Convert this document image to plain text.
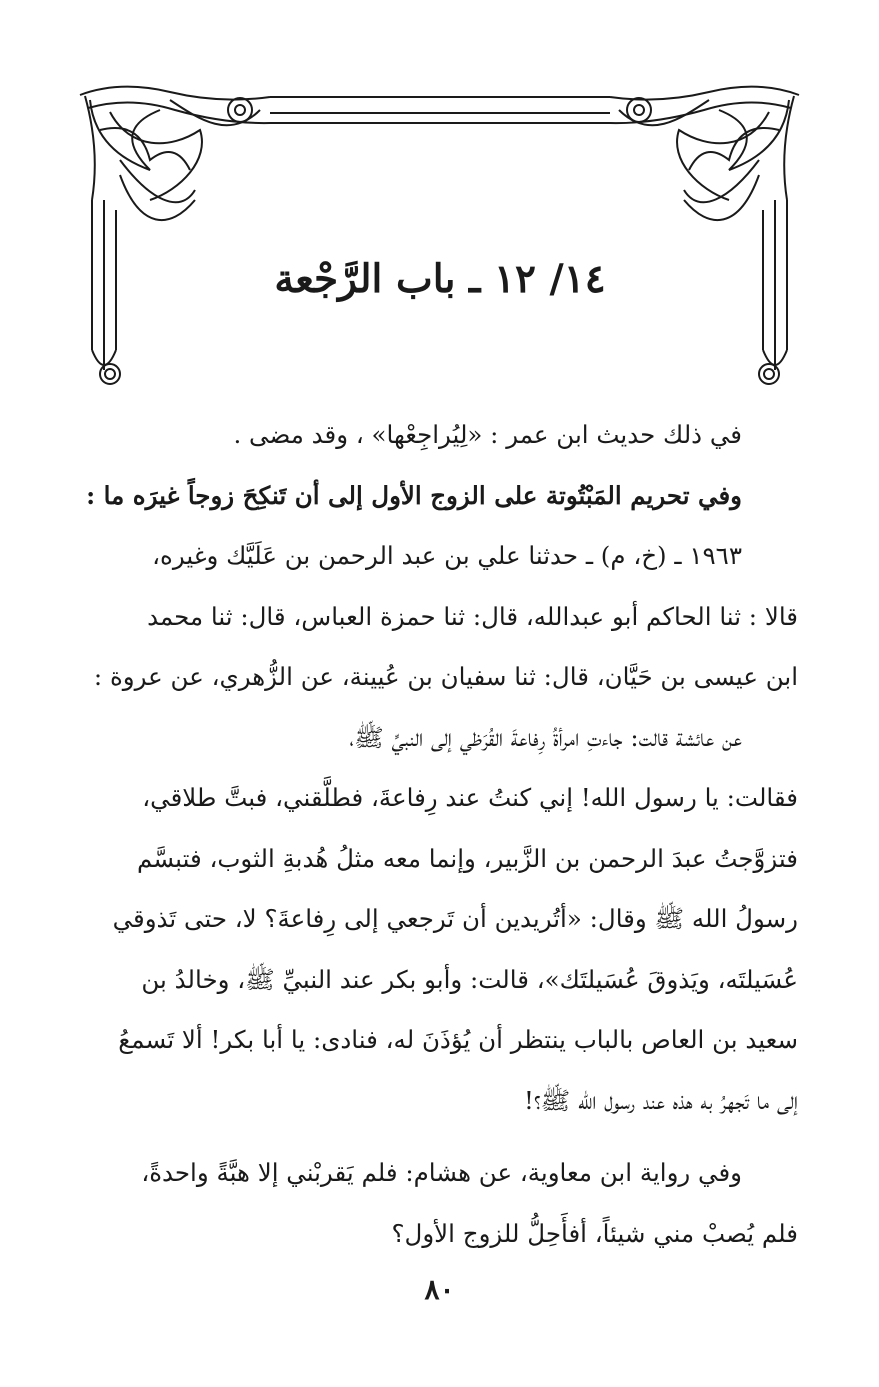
١٤/ ١٢ ـ باب الرَّجْعة
في ذلك حديث ابن عمر : «لِيُراجِعْها» ، وقد مضى .
وفي تحريم المَبْتُوتة على الزوج الأول إلى أن تَنكِحَ زوجاً غيرَه ما :
١٩٦٣ ـ (خ، م) ـ حدثنا علي بن عبد الرحمن بن عَلَيَّك وغيره،
قالا : ثنا الحاكم أبو عبدالله، قال: ثنا حمزة العباس، قال: ثنا محمد
ابن عيسى بن حَيَّان، قال: ثنا سفيان بن عُيينة، عن الزُّهري، عن عروة :
عن عائشة قالت: جاءتِ امرأةُ رِفاعةَ القُرَظي إلى النبيِّ ﷺ،
فقالت: يا رسول الله! إني كنتُ عند رِفاعةَ، فطلَّقني، فبتَّ طلاقي،
فتزوَّجتُ عبدَ الرحمن بن الزَّبير، وإنما معه مثلُ هُدبةِ الثوب، فتبسَّم
رسولُ الله ﷺ وقال: «أتُريدين أن تَرجعي إلى رِفاعةَ؟ لا، حتى تَذوقي
عُسَيلتَه، ويَذوقَ عُسَيلتَك»، قالت: وأبو بكر عند النبيِّ ﷺ، وخالدُ بن
سعيد بن العاص بالباب ينتظر أن يُؤذَنَ له، فنادى: يا أبا بكر! ألا تَسمعُ
إلى ما تَجهرُ به هذه عند رسول الله ﷺ؟!
وفي رواية ابن معاوية، عن هشام: فلم يَقربْني إلا هبَّةً واحدةً،
فلم يُصبْ مني شيئاً، أفأَحِلُّ للزوج الأول؟
٨٠
